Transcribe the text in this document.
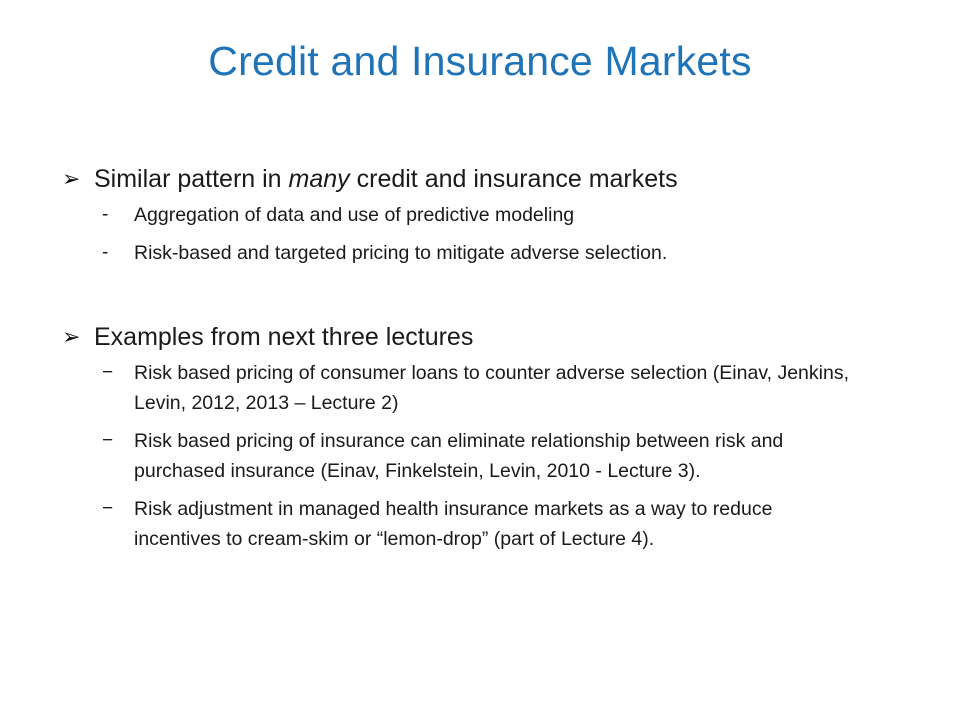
Credit and Insurance Markets
➢ Similar pattern in many credit and insurance markets
-	Aggregation of data and use of predictive modeling
-	Risk-based and targeted pricing to mitigate adverse selection.
➢ Examples from next three lectures
−	Risk based pricing of consumer loans to counter adverse selection (Einav, Jenkins, Levin, 2012, 2013 – Lecture 2)
−	Risk based pricing of insurance can eliminate relationship between risk and purchased insurance (Einav, Finkelstein, Levin, 2010 - Lecture 3).
−	Risk adjustment in managed health insurance markets as a way to reduce incentives to cream-skim or “lemon-drop” (part of Lecture 4).
